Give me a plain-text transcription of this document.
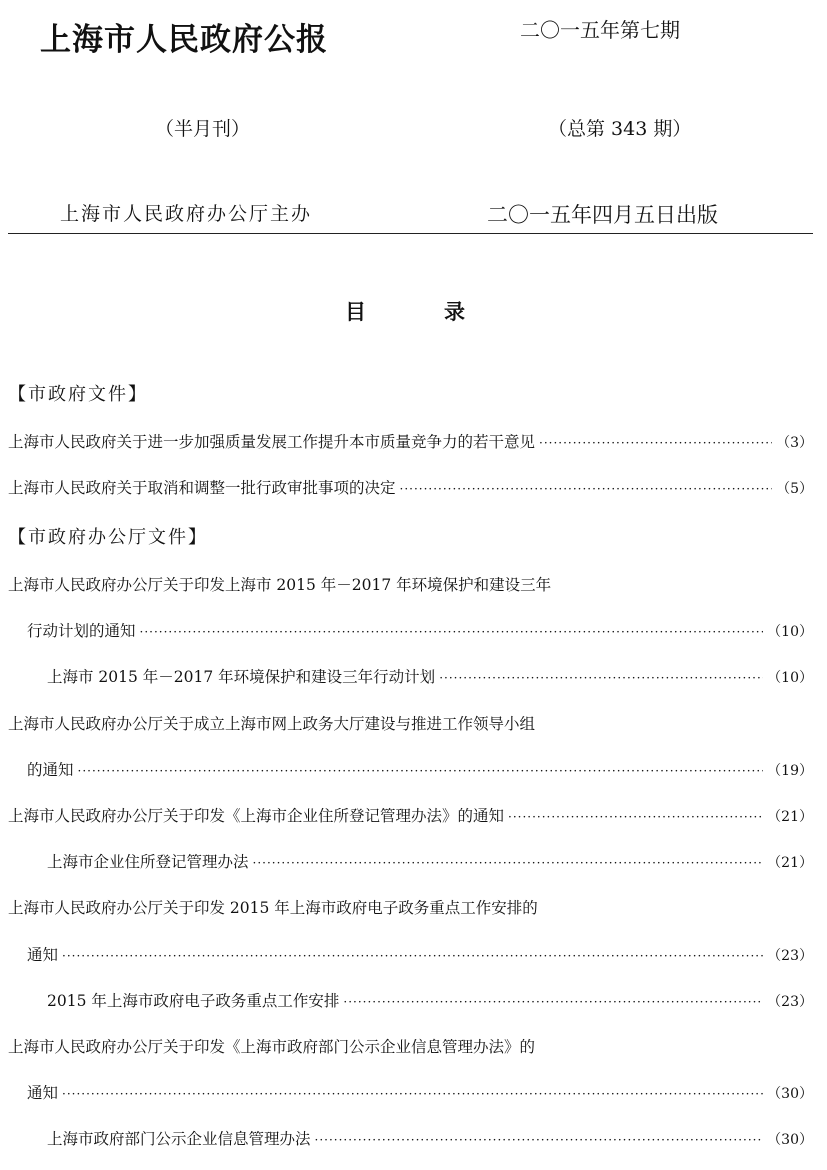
上海市人民政府公报	二〇一五年第七期
（半月刊）	（总第 343 期）
上海市人民政府办公厅主办	二〇一五年四月五日出版
目	录
【市政府文件】
上海市人民政府关于进一步加强质量发展工作提升本市质量竞争力的若干意见 ·····	（3）
上海市人民政府关于取消和调整一批行政审批事项的决定 ·····	（5）
【市政府办公厅文件】
上海市人民政府办公厅关于印发上海市 2015 年－2017 年环境保护和建设三年
行动计划的通知 ·····	（10）
上海市 2015 年－2017 年环境保护和建设三年行动计划 ·····	（10）
上海市人民政府办公厅关于成立上海市网上政务大厅建设与推进工作领导小组
的通知 ·····	（19）
上海市人民政府办公厅关于印发《上海市企业住所登记管理办法》的通知 ·····	（21）
上海市企业住所登记管理办法 ·····	（21）
上海市人民政府办公厅关于印发 2015 年上海市政府电子政务重点工作安排的
通知 ·····	（23）
2015 年上海市政府电子政务重点工作安排 ·····	（23）
上海市人民政府办公厅关于印发《上海市政府部门公示企业信息管理办法》的
通知 ·····	（30）
上海市政府部门公示企业信息管理办法 ·····	（30）
